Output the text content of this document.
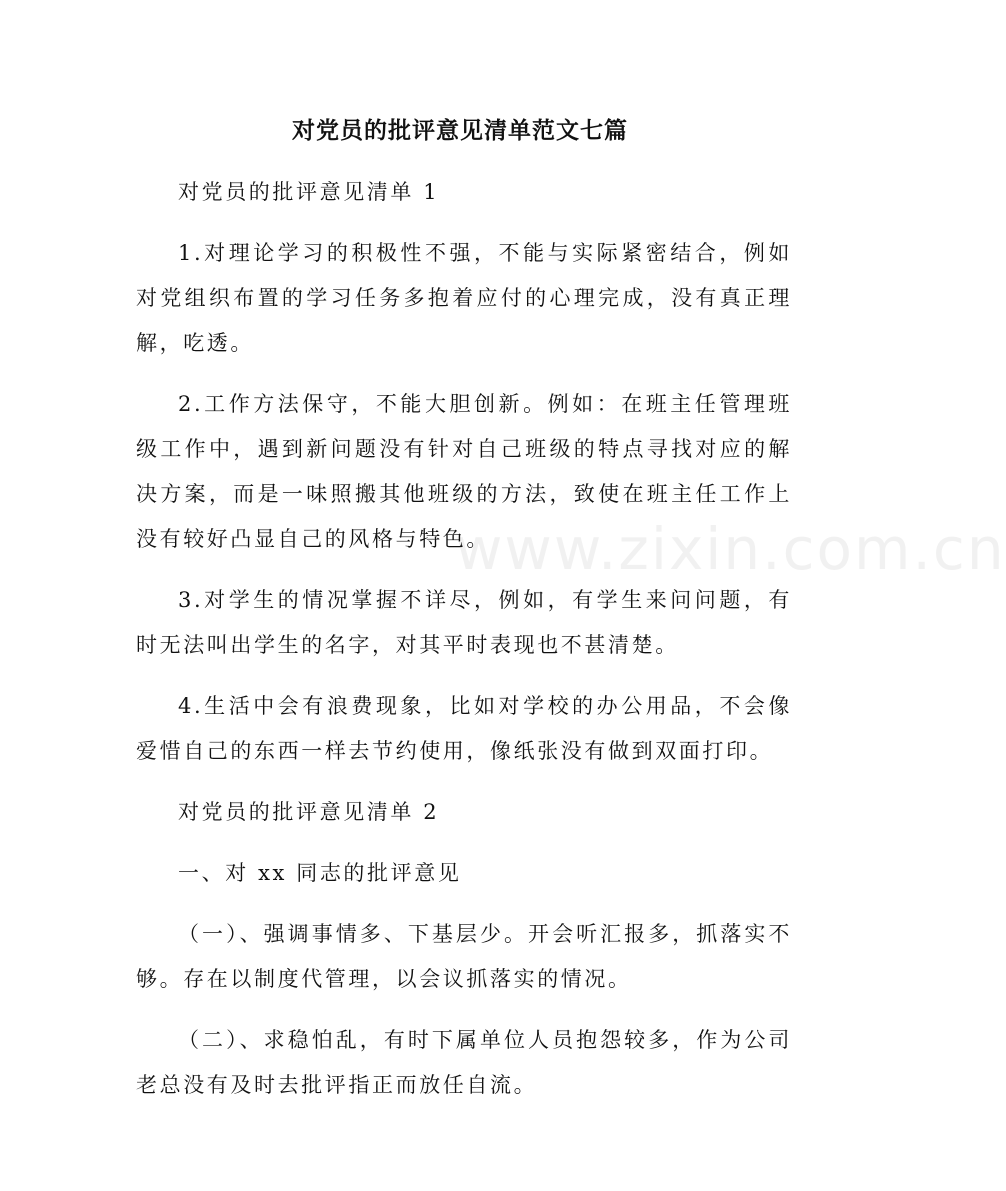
www.zixin.com.cn
对党员的批评意见清单范文七篇

对党员的批评意见清单 1

1.对理论学习的积极性不强，不能与实际紧密结合，例如对党组织布置的学习任务多抱着应付的心理完成，没有真正理解，吃透。

2.工作方法保守，不能大胆创新。例如：在班主任管理班级工作中，遇到新问题没有针对自己班级的特点寻找对应的解决方案，而是一味照搬其他班级的方法，致使在班主任工作上没有较好凸显自己的风格与特色。

3.对学生的情况掌握不详尽，例如，有学生来问问题，有时无法叫出学生的名字，对其平时表现也不甚清楚。

4.生活中会有浪费现象，比如对学校的办公用品，不会像爱惜自己的东西一样去节约使用，像纸张没有做到双面打印。

对党员的批评意见清单 2

一、对 xx 同志的批评意见

（一）、强调事情多、下基层少。开会听汇报多，抓落实不够。存在以制度代管理，以会议抓落实的情况。

（二）、求稳怕乱，有时下属单位人员抱怨较多，作为公司老总没有及时去批评指正而放任自流。
